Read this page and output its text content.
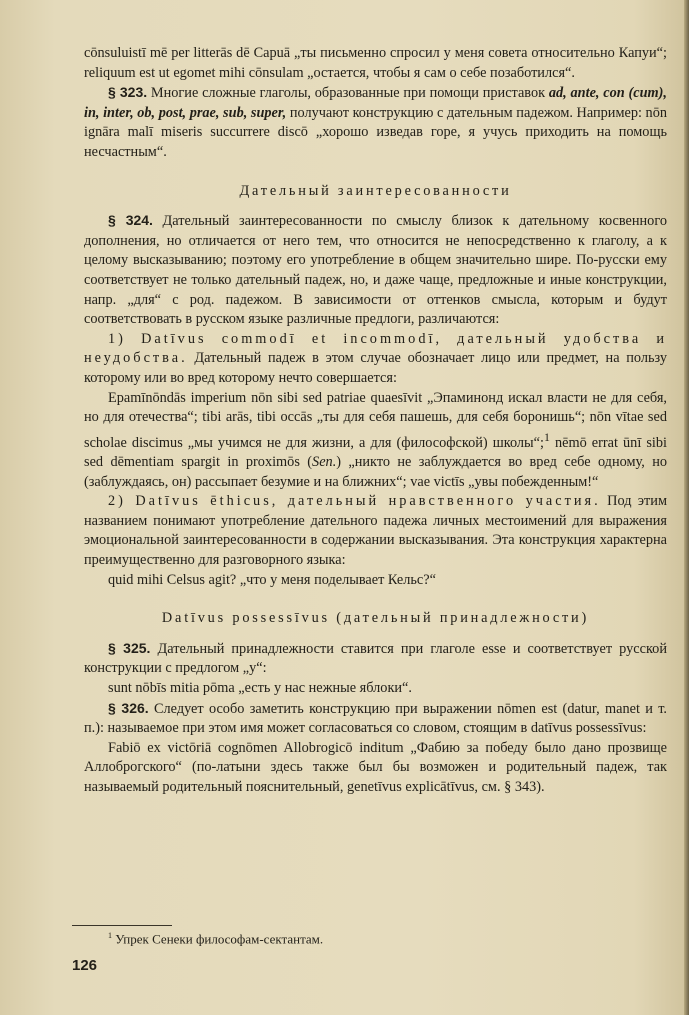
cōnsuluistī mē per litterās dē Capuā „ты письменно спросил у меня совета относительно Капуи“; reliquum est ut egomet mihi cōnsulam „остается, чтобы я сам о себе позаботился“.

§ 323. Многие сложные глаголы, образованные при помощи приставок ad, ante, con (cum), in, inter, ob, post, prae, sub, super, получают конструкцию с дательным падежом. Например: nōn ignāra malī miseris succurrere discō „хорошо изведав горе, я учусь приходить на помощь несчастным“.

Дательный заинтересованности

§ 324. Дательный заинтересованности по смыслу близок к дательному косвенного дополнения, но отличается от него тем, что относится не непосредственно к глаголу, а к целому высказыванию; поэтому его употребление в общем значительно шире. По-русски ему соответствует не только дательный падеж, но, и даже чаще, предложные и иные конструкции, напр. „для“ с род. падежом. В зависимости от оттенков смысла, которым и будут соответствовать в русском языке различные предлоги, различаются:

1) Datīvus commodī et incommodī, дательный удобства и неудобства. Дательный падеж в этом случае обозначает лицо или предмет, на пользу которому или во вред которому нечто совершается:

Epamīnōndās imperium nōn sibi sed patriae quaesīvit „Эпаминонд искал власти не для себя, но для отечества“; tibi arās, tibi occās „ты для себя пашешь, для себя боронишь“; nōn vītae sed scholae discimus „мы учимся не для жизни, а для (философской) школы“;$^1$ nēmō errat ūnī sibi sed dēmentiam spargit in proximōs (Sen.) „никто не заблуждается во вред себе одному, но (заблуждаясь, он) рассыпает безумие и на ближних“; vae victīs „увы побежденным!“

2) Datīvus ēthicus, дательный нравственного участия. Под этим названием понимают употребление дательного падежа личных местоимений для выражения эмоциональной заинтересованности в содержании высказывания. Эта конструкция характерна преимущественно для разговорного языка:

quid mihi Celsus agit? „что у меня поделывает Кельс?“

Datīvus possessīvus (дательный принадлежности)

§ 325. Дательный принадлежности ставится при глаголе esse и соответствует русской конструкции с предлогом „у“:

sunt nōbīs mitia pōma „есть у нас нежные яблоки“.

§ 326. Следует особо заметить конструкцию при выражении nōmen est (datur, manet и т. п.): называемое при этом имя может согласоваться со словом, стоящим в datīvus possessīvus:

Fabiō ex victōriā cognōmen Allobrogicō inditum „Фабию за победу было дано прозвище Аллоброгского“ (по-латыни здесь также был бы возможен и родительный падеж, так называемый родительный пояснительный, genetīvus explicātīvus, см. § 343).

$^1$ Упрек Сенеки философам-сектантам.
126
